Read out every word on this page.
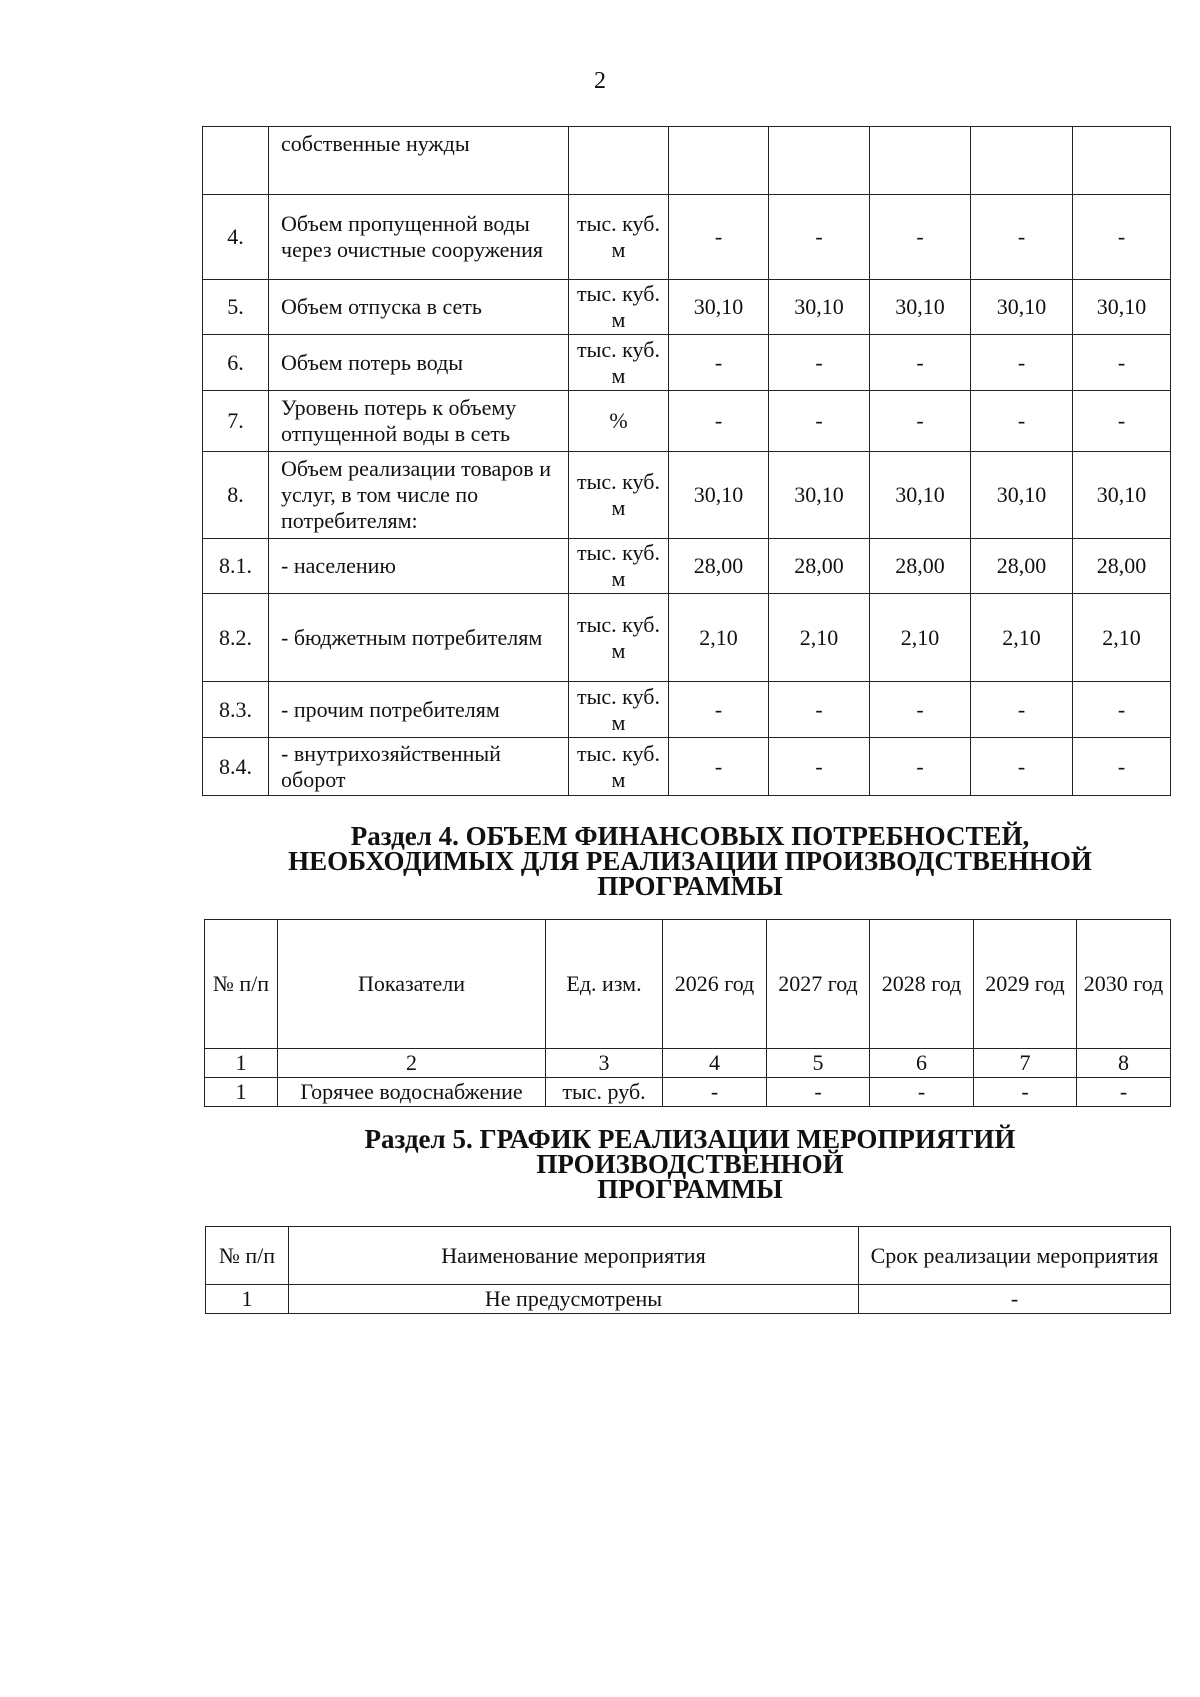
2
	собственные нужды						
4.	Объем пропущенной воды через очистные сооружения	тыс. куб. м	-	-	-	-	-
5.	Объем отпуска в сеть	тыс. куб. м	30,10	30,10	30,10	30,10	30,10
6.	Объем потерь воды	тыс. куб. м	-	-	-	-	-
7.	Уровень потерь к объему отпущенной воды в сеть	%	-	-	-	-	-
8.	Объем реализации товаров и услуг, в том числе по потребителям:	тыс. куб. м	30,10	30,10	30,10	30,10	30,10
8.1.	- населению	тыс. куб. м	28,00	28,00	28,00	28,00	28,00
8.2.	- бюджетным потребителям	тыс. куб. м	2,10	2,10	2,10	2,10	2,10
8.3.	- прочим потребителям	тыс. куб. м	-	-	-	-	-
8.4.	- внутрихозяйственный оборот	тыс. куб. м	-	-	-	-	-
Раздел 4. ОБЪЕМ ФИНАНСОВЫХ ПОТРЕБНОСТЕЙ,
НЕОБХОДИМЫХ ДЛЯ РЕАЛИЗАЦИИ ПРОИЗВОДСТВЕННОЙ
ПРОГРАММЫ
№ п/п	Показатели	Ед. изм.	2026 год	2027 год	2028 год	2029 год	2030 год
1	2	3	4	5	6	7	8
1	Горячее водоснабжение	тыс. руб.	-	-	-	-	-
Раздел 5. ГРАФИК РЕАЛИЗАЦИИ МЕРОПРИЯТИЙ
ПРОИЗВОДСТВЕННОЙ
ПРОГРАММЫ
№ п/п	Наименование мероприятия	Срок реализации мероприятия
1	Не предусмотрены	-
